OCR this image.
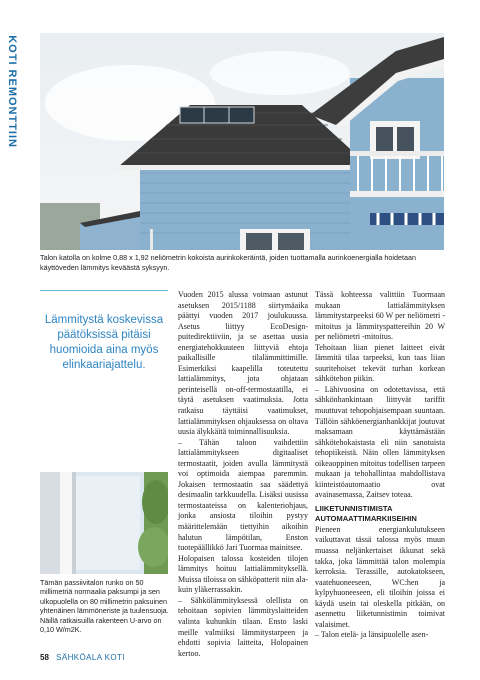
KOTI REMONTTIIN
Talon katolla on kolme 0,88 x 1,92 neliömetrin kokoista aurinkokeräintä, joiden tuottamalla aurinkoenergialla hoidetaan käyttöveden lämmitys keväästä syksyyn.

Lämmitystä koskevissa päätöksissä pitäisi huomioida aina myös elinkaariajattelu.

Tämän passiivitalon runko on 50 millimetriä normaalia paksumpi ja sen ulkopuolella on 80 millimetrin paksuinen yhtenäinen lämmöneriste ja tuulensuoja. Näillä ratkaisuilla rakenteen U-arvo on 0,10 W/m2K.

Vuoden 2015 alussa voimaan astunut asetuksen 2015/1188 siirtymäaika päättyi vuoden 2017 joulukuussa. Asetus liittyy EcoDesign-puitedirektiiviin, ja se asettaa uusia energiatehokkuuteen liittyviä ehtoja paikallisille tilalämmittimille. Esimerkiksi kaapelilla toteutettu lattialämmitys, jota ohjataan perinteisellä on-off-termostaatilla, ei täytä asetuksen vaatimuksia. Jotta ratkaisu täyttäisi vaatimukset, lattialämmityksen ohjauksessa on oltava uusia älykkäitä toiminnallisuuksia.

– Tähän taloon vaihdettiin lattialämmitykseen digitaaliset termostaatit, joiden avulla lämmitystä voi optimoida aiempaa paremmin. Jokaisen termostaatin saa säädettyä desimaalin tarkkuudella. Lisäksi uusissa termostaateissa on kalenteriohjaus, jonka ansiosta tiloihin pystyy määrittelemään tiettyihin aikoihin halutun lämpötilan, Enston tuotepäällikkö Jari Tuormaa mainitsee.

Holopaisen talossa kosteiden tilojen lämmitys hoituu lattialämmityksellä. Muissa tiloissa on sähköpatterit niin ala- kuin yläkerrassakin.

– Sähkölämmityksessä olellista on tehoitaan sopivien lämmityslaitteiden valinta kuhunkin tilaan. Ensto laski meille valmiiksi lämmitystarpeen ja ehdotti sopivia laitteita, Holopainen kertoo.

Tässä kohteessa valittiin Tuormaan mukaan lattialämmityksen lämmitystarpeeksi 60 W per neliömetri -mitoitus ja lämmityspattereihin 20 W per neliömetri -mitoitus.

Tehoitaan liian pienet laitteet eivät lämmitä tilaa tarpeeksi, kun taas liian suuritehoiset tekevät turhan korkean sähkötehon piikin.

– Lähivuosina on odotettavissa, että sähkönhankintaan liittyvät tariffit muuttuvat tehopohjaisempaan suuntaan. Tällöin sähköenergianhankkijat joutuvat maksamaan käyttämästään sähkötehokaistasta eli niin sanotuista tehopiikeistä. Näin ollen lämmityksen oikeaoppinen mitoitus todellisen tarpeen mukaan ja tehohallintaa mahdollistava kiinteistöautomaatio ovat avainasemassa, Zaitsev toteaa.

LIIKETUNNISTIMISTA AUTOMAATTIMARKIISEIHIN

Pieneen energiankulutukseen vaikuttavat tässä talossa myös muun muassa neljänkertaiset ikkunat sekä takka, joka lämmittää talon molempia kerroksia. Terassille, autokatokseen, vaatehuoneeseen, WC:hen ja kylpyhuoneeseen, eli tiloihin joissa ei käydä usein tai oleskella pitkään, on asennettu liiketunnistimin toimivat valaisimet.

– Talon etelä- ja länsipuolelle asen-

58 SÄHKÖALA KOTI
